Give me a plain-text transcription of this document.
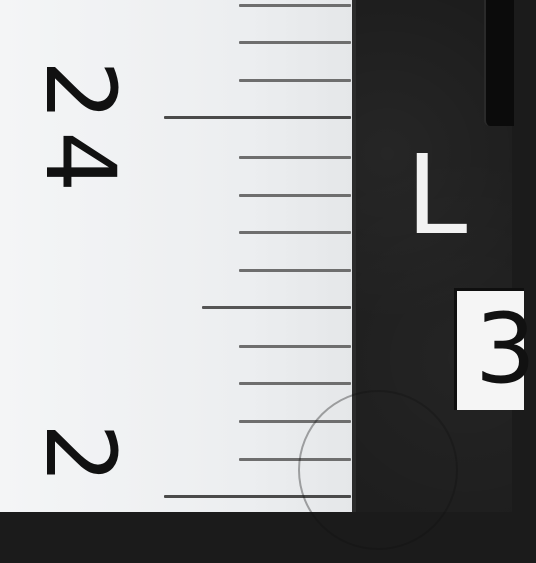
24
2
L
3
